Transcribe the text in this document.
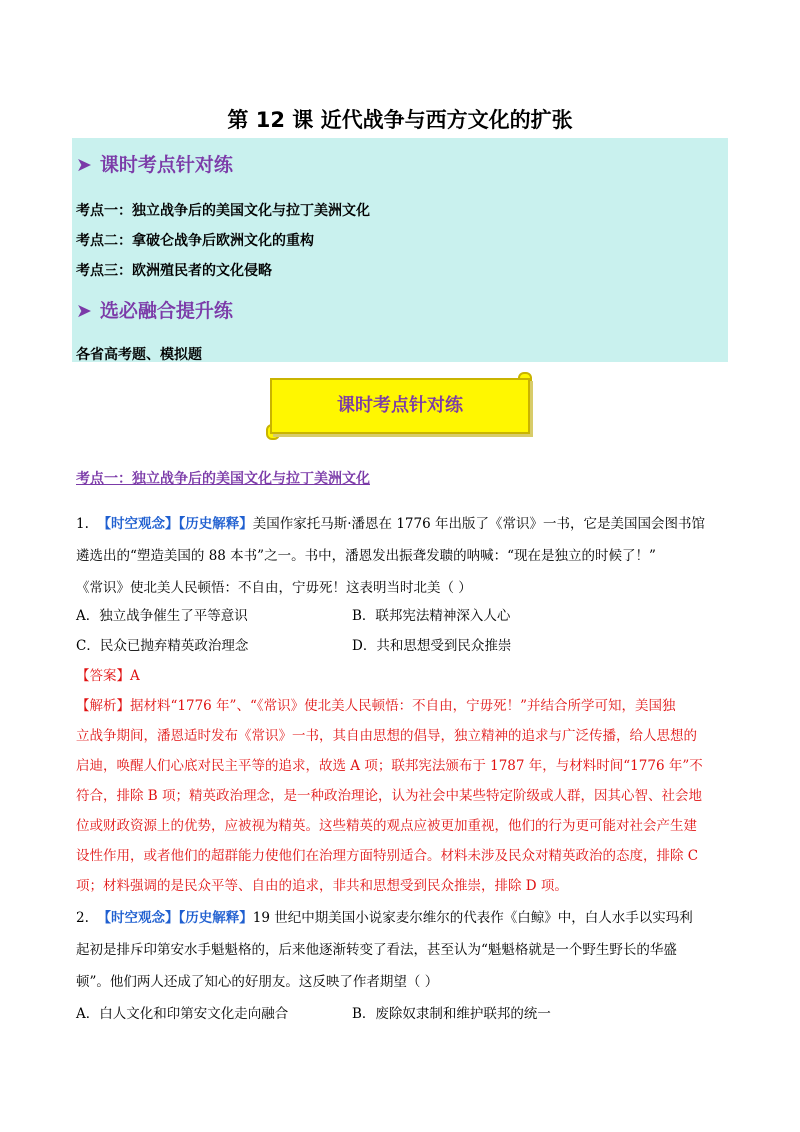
第 12 课 近代战争与西方文化的扩张
➤ 课时考点针对练
考点一：独立战争后的美国文化与拉丁美洲文化
考点二：拿破仑战争后欧洲文化的重构
考点三：欧洲殖民者的文化侵略
➤ 选必融合提升练
各省高考题、模拟题
课时考点针对练
考点一：独立战争后的美国文化与拉丁美洲文化
1. 【时空观念】【历史解释】美国作家托马斯·潘恩在 1776 年出版了《常识》一书，它是美国国会图书馆
遴选出的“塑造美国的 88 本书”之一。书中，潘恩发出振聋发聩的呐喊：“现在是独立的时候了！”
《常识》使北美人民顿悟：不自由，宁毋死！这表明当时北美（ ）
A．独立战争催生了平等意识	B．联邦宪法精神深入人心
C．民众已抛弃精英政治理念	D．共和思想受到民众推崇
【答案】A
【解析】据材料“1776 年”、“《常识》使北美人民顿悟：不自由，宁毋死！”并结合所学可知，美国独
立战争期间，潘恩适时发布《常识》一书，其自由思想的倡导，独立精神的追求与广泛传播，给人思想的
启迪，唤醒人们心底对民主平等的追求，故选 A 项；联邦宪法颁布于 1787 年，与材料时间“1776 年”不
符合，排除 B 项；精英政治理念，是一种政治理论，认为社会中某些特定阶级或人群，因其心智、社会地
位或财政资源上的优势，应被视为精英。这些精英的观点应被更加重视，他们的行为更可能对社会产生建
设性作用，或者他们的超群能力使他们在治理方面特别适合。材料未涉及民众对精英政治的态度，排除 C
项；材料强调的是民众平等、自由的追求，非共和思想受到民众推崇，排除 D 项。
2. 【时空观念】【历史解释】19 世纪中期美国小说家麦尔维尔的代表作《白鲸》中，白人水手以实玛利
起初是排斥印第安水手魁魁格的，后来他逐渐转变了看法，甚至认为“魁魁格就是一个野生野长的华盛
顿”。他们两人还成了知心的好朋友。这反映了作者期望（ ）
A．白人文化和印第安文化走向融合	B．废除奴隶制和维护联邦的统一
